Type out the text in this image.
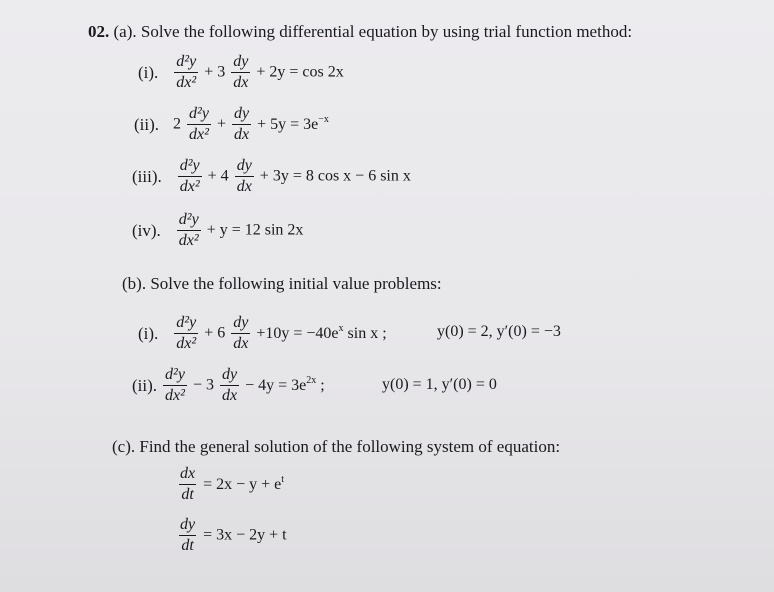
02. (a). Solve the following differential equation by using trial function method:
(i). $\frac{\text{d²y}}{\text{dx²}} + 3 \frac{dy}{dx} + 2y = \cos 2x$
(ii). $2 \frac{\text{d²y}}{\text{dx²}} + \frac{dy}{dx} + 5y = 3e^{-x}$
(iii). $\frac{\text{d²y}}{\text{dx²}} + 4 \frac{dy}{dx} + 3y = 8$ cos x − 6 sin x
(iv). $\frac{\text{d²y}}{\text{dx²}} + y = 12$ sin 2x
(b). Solve the following initial value problems:
(i). $\frac{\text{d²y}}{\text{dx²}} + 6 \frac{dy}{dx} +10y = -40e^x$ sin x ;	y(0) = 2, y′(0) = −3
(ii). $\frac{\text{d²y}}{\text{dx²}} - 3 \frac{dy}{dx} - 4y = 3e^{2x}$ ;	y(0) = 1, y′(0) = 0
(c). Find the general solution of the following system of equation:
$\frac{dx}{dt} = 2x - y + e^t$
$\frac{dy}{dt} = 3x - 2y + t$
